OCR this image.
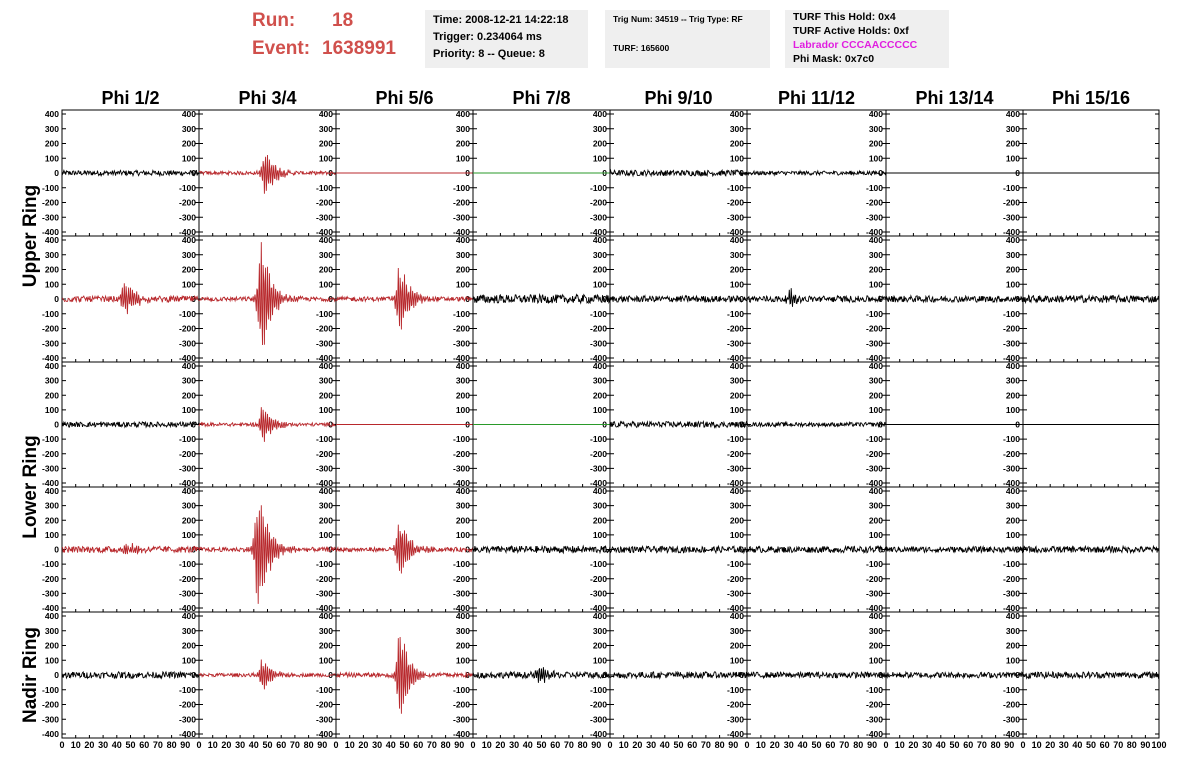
Run: 18
Event: 1638991
Time: 2008-12-21 14:22:18
Trigger: 0.234064 ms
Priority: 8 -- Queue: 8
Trig Num: 34519 -- Trig Type: RF
TURF: 165600
TURF This Hold: 0x4
TURF Active Holds: 0xf
Labrador CCCAACCCCC
Phi Mask: 0x7c0
Phi 1/2	Phi 3/4	Phi 5/6	Phi 7/8	Phi 9/10	Phi 11/12	Phi 13/14	Phi 15/16
Upper Ring
Lower Ring
Nadir Ring
400	400
300	300
200	200
100	100
0	0
-100	-100
-200	-200
-300	-300
-400	-400
400
300
200
100
0
-100
-200
-300
-400
400
300
200
100
0
-100
-200
-300
-400
400
300
200
100
0
-100
-200
-300
-400
400
300
200
100
0
-100
-200
-300
-400
400
300
200
100
0
-100
-200
-300
-400
400
300
200
100
0
-100
-200
-300
-400
400	400
300	300
200	200
100	100
0	0
-100	-100
-200	-200
-300	-300
-400	-400
400
300
200
100
0
-100
-200
-300
-400
400
300
200
100
0
-100
-200
-300
-400
400
300
200
100
0
-100
-200
-300
-400
400
300
200
100
0
-100
-200
-300
-400
400
300
200
100
0
-100
-200
-300
-400
400
300
200
100
0
-100
-200
-300
-400
400	400
300	300
200	200
100	100
0	0
-100	-100
-200	-200
-300	-300
-400	-400
400
300
200
100
0
-100
-200
-300
-400
400
300
200
100
0
-100
-200
-300
-400
400
300
200
100
0
-100
-200
-300
-400
400
300
200
100
0
-100
-200
-300
-400
400
300
200
100
0
-100
-200
-300
-400
400
300
200
100
0
-100
-200
-300
-400
400	400
300	300
200	200
100	100
0	0
-100	-100
-200	-200
-300	-300
-400	-400
400
300
200
100
0
-100
-200
-300
-400
400
300
200
100
0
-100
-200
-300
-400
400
300
200
100
0
-100
-200
-300
-400
400
300
200
100
0
-100
-200
-300
-400
400
300
200
100
0
-100
-200
-300
-400
400
300
200
100
0
-100
-200
-300
-400
400	400
300	300
200	200
100	100
0	0
-100	-100
-200	-200
-300	-300
-400	-400
400
300
200
100
0
-100
-200
-300
-400
400
300
200
100
0
-100
-200
-300
-400
400
300
200
100
0
-100
-200
-300
-400
400
300
200
100
0
-100
-200
-300
-400
400
300
200
100
0
-100
-200
-300
-400
400
300
200
100
0
-100
-200
-300
-400
0 10 20 30 40 50 60 70 80 90 0 10 20 30 40 50 60 70 80 90 0 10 20 30 40 50 60 70 80 90 0 10 20 30 40 50 60 70 80 90 0 10 20 30 40 50 60 70 80 90 0 10 20 30 40 50 60 70 80 90 0 10 20 30 40 50 60 70 80 90 0 10 20 30 40 50 60 70 80 90 100
